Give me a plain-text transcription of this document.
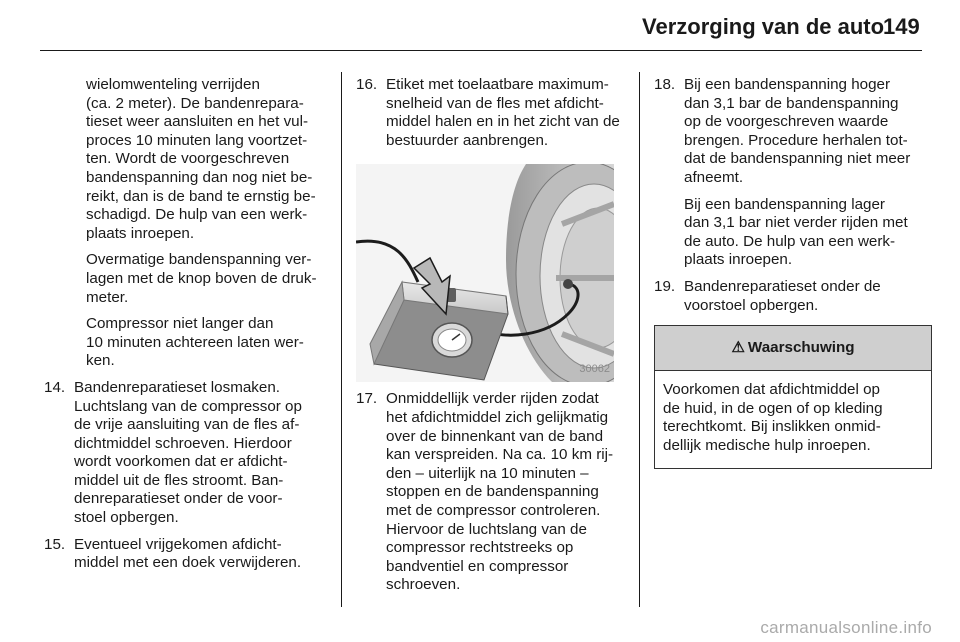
Verzorging van de auto
149
wielomwenteling verrijden
(ca. 2 meter). De bandenrepara-
tieset weer aansluiten en het vul-
proces 10 minuten lang voortzet-
ten. Wordt de voorgeschreven
bandenspanning dan nog niet be-
reikt, dan is de band te ernstig be-
schadigd. De hulp van een werk-
plaats inroepen.
Overmatige bandenspanning ver-
lagen met de knop boven de druk-
meter.
Compressor niet langer dan
10 minuten achtereen laten wer-
ken.
14. Bandenreparatieset losmaken.
Luchtslang van de compressor op
de vrije aansluiting van de fles af-
dichtmiddel schroeven. Hierdoor
wordt voorkomen dat er afdicht-
middel uit de fles stroomt. Ban-
denreparatieset onder de voor-
stoel opbergen.
15. Eventueel vrijgekomen afdicht-
middel met een doek verwijderen.
16. Etiket met toelaatbare maximum-
snelheid van de fles met afdicht-
middel halen en in het zicht van de
bestuurder aanbrengen.
30062
17. Onmiddellijk verder rijden zodat
het afdichtmiddel zich gelijkmatig
over de binnenkant van de band
kan verspreiden. Na ca. 10 km rij-
den – uiterlijk na 10 minuten –
stoppen en de bandenspanning
met de compressor controleren.
Hiervoor de luchtslang van de
compressor rechtstreeks op
bandventiel en compressor
schroeven.
18. Bij een bandenspanning hoger
dan 3,1 bar de bandenspanning
op de voorgeschreven waarde
brengen. Procedure herhalen tot-
dat de bandenspanning niet meer
afneemt.
Bij een bandenspanning lager
dan 3,1 bar niet verder rijden met
de auto. De hulp van een werk-
plaats inroepen.
19. Bandenreparatieset onder de
voorstoel opbergen.
⚠ Waarschuwing
Voorkomen dat afdichtmiddel op
de huid, in de ogen of op kleding
terechtkomt. Bij inslikken onmid-
dellijk medische hulp inroepen.
carmanualsonline.info
